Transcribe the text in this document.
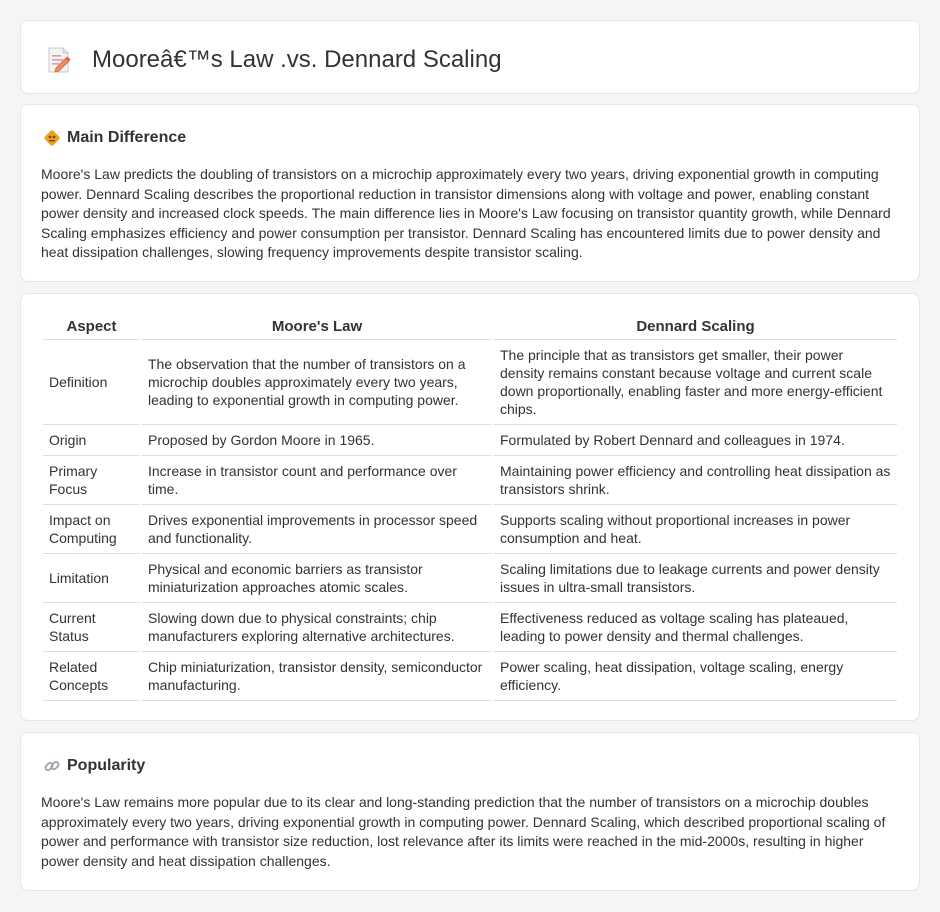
Mooreâ€™s Law .vs. Dennard Scaling
Main Difference

Moore's Law predicts the doubling of transistors on a microchip approximately every two years, driving exponential growth in computing power. Dennard Scaling describes the proportional reduction in transistor dimensions along with voltage and power, enabling constant power density and increased clock speeds. The main difference lies in Moore's Law focusing on transistor quantity growth, while Dennard Scaling emphasizes efficiency and power consumption per transistor. Dennard Scaling has encountered limits due to power density and heat dissipation challenges, slowing frequency improvements despite transistor scaling.

Aspect	Moore's Law	Dennard Scaling
Definition	The observation that the number of transistors on a microchip doubles approximately every two years, leading to exponential growth in computing power.	The principle that as transistors get smaller, their power density remains constant because voltage and current scale down proportionally, enabling faster and more energy-efficient chips.
Origin	Proposed by Gordon Moore in 1965.	Formulated by Robert Dennard and colleagues in 1974.
Primary Focus	Increase in transistor count and performance over time.	Maintaining power efficiency and controlling heat dissipation as transistors shrink.
Impact on Computing	Drives exponential improvements in processor speed and functionality.	Supports scaling without proportional increases in power consumption and heat.
Limitation	Physical and economic barriers as transistor miniaturization approaches atomic scales.	Scaling limitations due to leakage currents and power density issues in ultra-small transistors.
Current Status	Slowing down due to physical constraints; chip manufacturers exploring alternative architectures.	Effectiveness reduced as voltage scaling has plateaued, leading to power density and thermal challenges.
Related Concepts	Chip miniaturization, transistor density, semiconductor manufacturing.	Power scaling, heat dissipation, voltage scaling, energy efficiency.
Popularity

Moore's Law remains more popular due to its clear and long-standing prediction that the number of transistors on a microchip doubles approximately every two years, driving exponential growth in computing power. Dennard Scaling, which described proportional scaling of power and performance with transistor size reduction, lost relevance after its limits were reached in the mid-2000s, resulting in higher power density and heat dissipation challenges.
